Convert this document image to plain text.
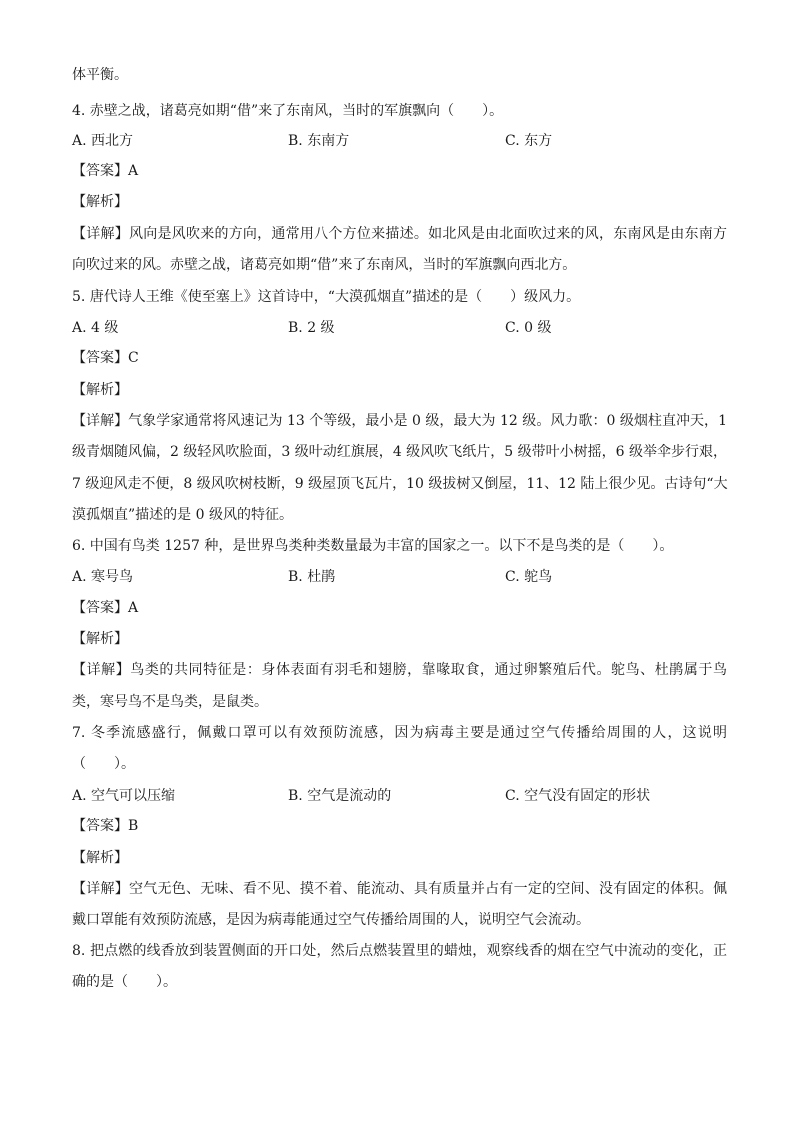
体平衡。
4. 赤壁之战，诸葛亮如期“借”来了东南风，当时的军旗飘向（　　）。
A. 西北方	B. 东南方	C. 东方
【答案】A
【解析】
【详解】风向是风吹来的方向，通常用八个方位来描述。如北风是由北面吹过来的风，东南风是由东南方
向吹过来的风。赤壁之战，诸葛亮如期“借”来了东南风，当时的军旗飘向西北方。
5. 唐代诗人王维《使至塞上》这首诗中，“大漠孤烟直”描述的是（　　）级风力。
A. 4 级	B. 2 级	C. 0 级
【答案】C
【解析】
【详解】气象学家通常将风速记为 13 个等级，最小是 0 级，最大为 12 级。风力歌：0 级烟柱直冲天，1
级青烟随风偏，2 级轻风吹脸面，3 级叶动红旗展，4 级风吹飞纸片，5 级带叶小树摇，6 级举伞步行艰，
7 级迎风走不便，8 级风吹树枝断，9 级屋顶飞瓦片，10 级拔树又倒屋，11、12 陆上很少见。古诗句“大
漠孤烟直”描述的是 0 级风的特征。
6. 中国有鸟类 1257 种，是世界鸟类种类数量最为丰富的国家之一。以下不是鸟类的是（　　）。
A. 寒号鸟	B. 杜鹃	C. 鸵鸟
【答案】A
【解析】
【详解】鸟类的共同特征是：身体表面有羽毛和翅膀，靠喙取食，通过卵繁殖后代。鸵鸟、杜鹃属于鸟
类，寒号鸟不是鸟类，是鼠类。
7. 冬季流感盛行，佩戴口罩可以有效预防流感，因为病毒主要是通过空气传播给周围的人，这说明
（　　）。
A. 空气可以压缩	B. 空气是流动的	C. 空气没有固定的形状
【答案】B
【解析】
【详解】空气无色、无味、看不见、摸不着、能流动、具有质量并占有一定的空间、没有固定的体积。佩
戴口罩能有效预防流感，是因为病毒能通过空气传播给周围的人，说明空气会流动。
8. 把点燃的线香放到装置侧面的开口处，然后点燃装置里的蜡烛，观察线香的烟在空气中流动的变化，正
确的是（　　）。
